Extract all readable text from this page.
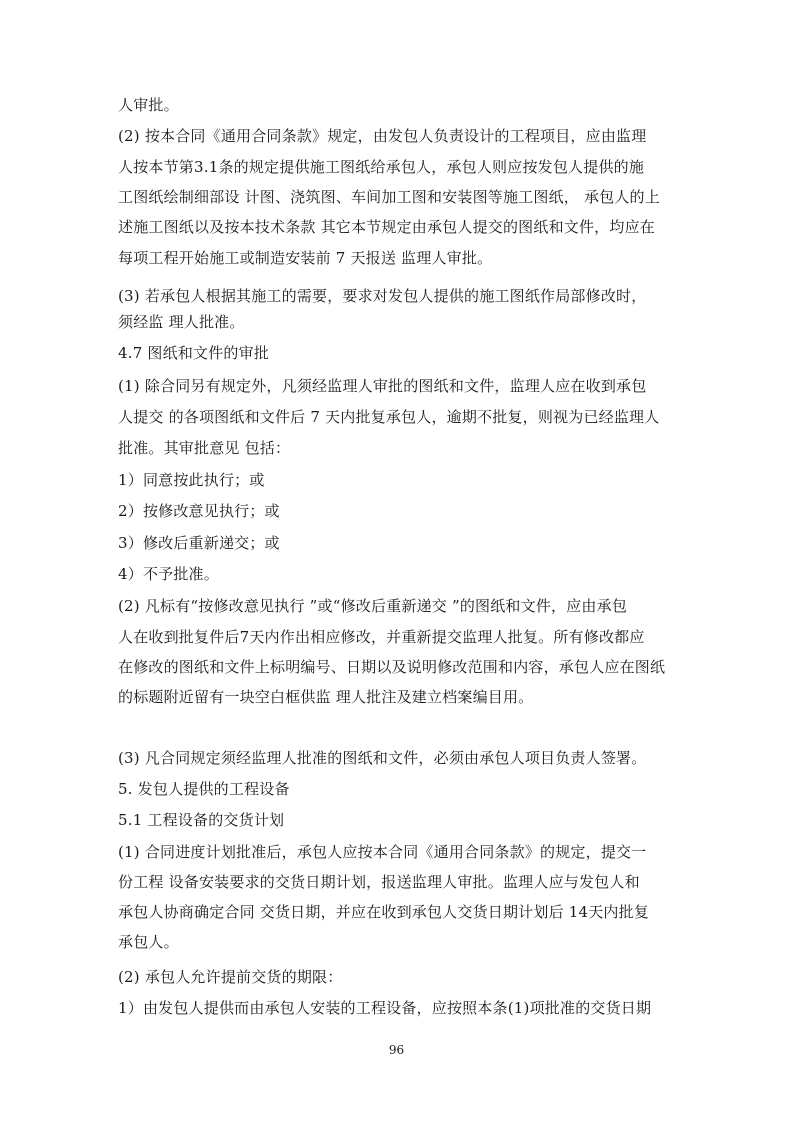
人审批。
(2) 按本合同《通用合同条款》规定，由发包人负责设计的工程项目，应由监理
人按本节第3.1条的规定提供施工图纸给承包人，承包人则应按发包人提供的施
工图纸绘制细部设 计图、浇筑图、车间加工图和安装图等施工图纸， 承包人的上
述施工图纸以及按本技术条款 其它本节规定由承包人提交的图纸和文件，均应在
每项工程开始施工或制造安装前 7 天报送 监理人审批。
(3) 若承包人根据其施工的需要，要求对发包人提供的施工图纸作局部修改时，
须经监 理人批准。
4.7 图纸和文件的审批
(1) 除合同另有规定外，凡须经监理人审批的图纸和文件，监理人应在收到承包
人提交 的各项图纸和文件后 7 天内批复承包人，逾期不批复，则视为已经监理人
批准。其审批意见 包括：
1）同意按此执行；或
2）按修改意见执行；或
3）修改后重新递交；或
4）不予批准。
(2) 凡标有“按修改意见执行 ”或“修改后重新递交 ”的图纸和文件，应由承包
人在收到批复件后7天内作出相应修改，并重新提交监理人批复。所有修改都应
在修改的图纸和文件上标明编号、日期以及说明修改范围和内容，承包人应在图纸
的标题附近留有一块空白框供监 理人批注及建立档案编目用。
(3) 凡合同规定须经监理人批准的图纸和文件，必须由承包人项目负责人签署。
5. 发包人提供的工程设备
5.1 工程设备的交货计划
(1) 合同进度计划批准后，承包人应按本合同《通用合同条款》的规定，提交一
份工程 设备安装要求的交货日期计划，报送监理人审批。监理人应与发包人和
承包人协商确定合同 交货日期，并应在收到承包人交货日期计划后 14天内批复
承包人。
(2) 承包人允许提前交货的期限：
1）由发包人提供而由承包人安装的工程设备，应按照本条(1)项批准的交货日期
96
